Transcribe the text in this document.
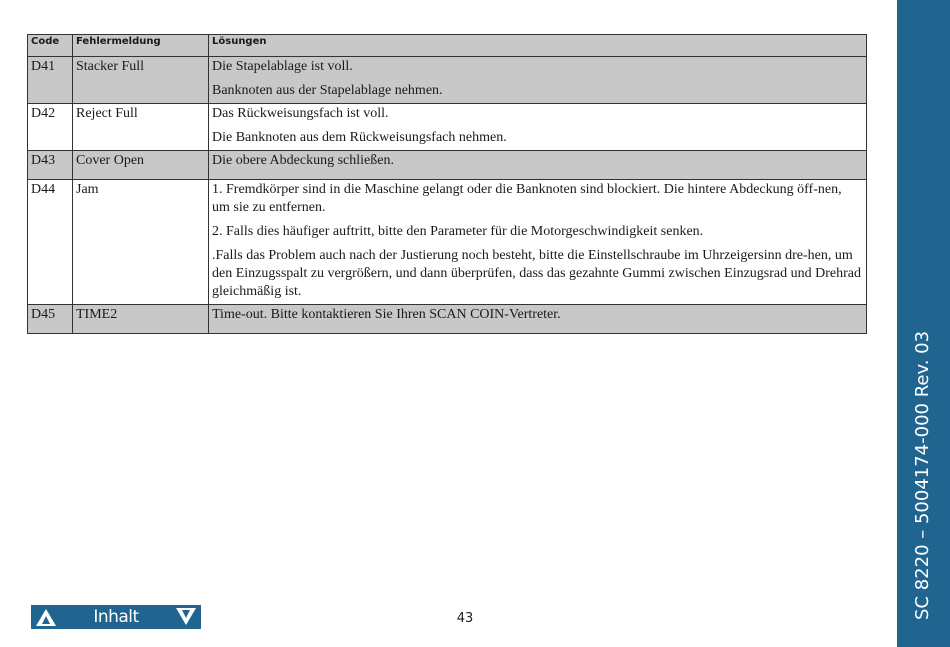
Code	Fehlermeldung	Lösungen
D41	Stacker Full	Die Stapelablage ist voll.

Banknoten aus der Stapelablage nehmen.

D42	Reject Full	Das Rückweisungsfach ist voll.

Die Banknoten aus dem Rückweisungsfach nehmen.

D43	Cover Open	Die obere Abdeckung schließen.

D44	Jam	1. Fremdkörper sind in die Maschine gelangt oder die Banknoten sind blockiert. Die hintere Abdeckung öff-nen, um sie zu entfernen.

2. Falls dies häufiger auftritt, bitte den Parameter für die Motorgeschwindigkeit senken.

.Falls das Problem auch nach der Justierung noch besteht, bitte die Einstellschraube im Uhrzeigersinn dre-hen, um den Einzugsspalt zu vergrößern, und dann überprüfen, dass das gezahnte Gummi zwischen Einzugsrad und Drehrad gleichmäßig ist.

D45	TIME2	Time-out. Bitte kontaktieren Sie Ihren SCAN COIN-Vertreter.

SC 8220 – 5004174-000 Rev. 03
Inhalt	43
